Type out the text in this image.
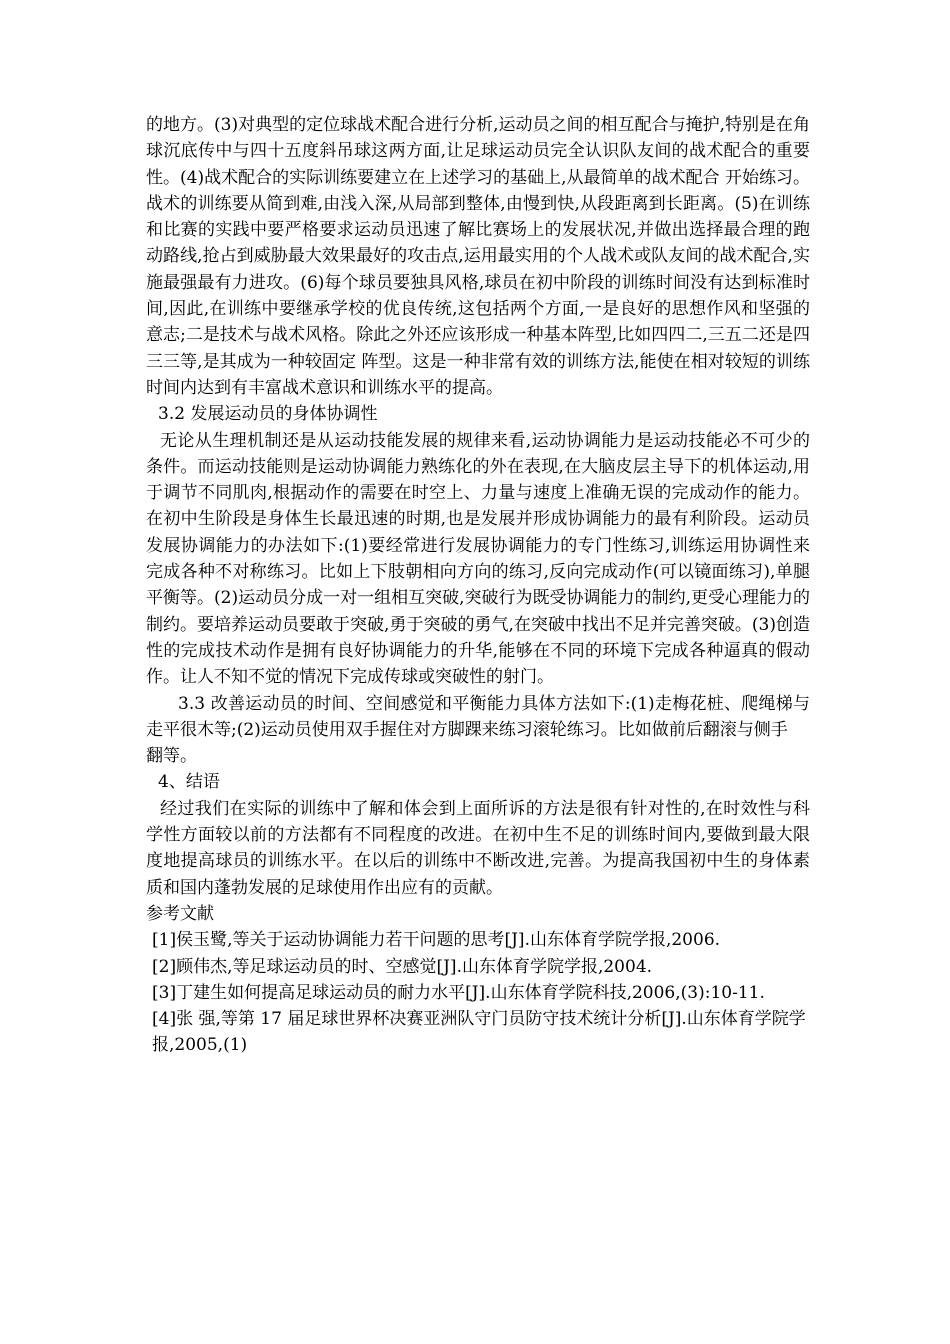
的地方。(3)对典型的定位球战术配合进行分析,运动员之间的相互配合与掩护,特别是在角球沉底传中与四十五度斜吊球这两方面,让足球运动员完全认识队友间的战术配合的重要性。(4)战术配合的实际训练要建立在上述学习的基础上,从最简单的战术配合 开始练习。战术的训练要从简到难,由浅入深,从局部到整体,由慢到快,从段距离到长距离。(5)在训练和比赛的实践中要严格要求运动员迅速了解比赛场上的发展状况,并做出选择最合理的跑动路线,抢占到威胁最大效果最好的攻击点,运用最实用的个人战术或队友间的战术配合,实施最强最有力进攻。(6)每个球员要独具风格,球员在初中阶段的训练时间没有达到标准时间,因此,在训练中要继承学校的优良传统,这包括两个方面,一是良好的思想作风和坚强的意志;二是技术与战术风格。除此之外还应该形成一种基本阵型,比如四四二,三五二还是四三三等,是其成为一种较固定 阵型。这是一种非常有效的训练方法,能使在相对较短的训练时间内达到有丰富战术意识和训练水平的提高。

3.2 发展运动员的身体协调性

无论从生理机制还是从运动技能发展的规律来看,运动协调能力是运动技能必不可少的条件。而运动技能则是运动协调能力熟练化的外在表现,在大脑皮层主导下的机体运动,用于调节不同肌肉,根据动作的需要在时空上、力量与速度上准确无误的完成动作的能力。在初中生阶段是身体生长最迅速的时期,也是发展并形成协调能力的最有利阶段。运动员发展协调能力的办法如下:(1)要经常进行发展协调能力的专门性练习,训练运用协调性来完成各种不对称练习。比如上下肢朝相向方向的练习,反向完成动作(可以镜面练习),单腿平衡等。(2)运动员分成一对一组相互突破,突破行为既受协调能力的制约,更受心理能力的制约。要培养运动员要敢于突破,勇于突破的勇气,在突破中找出不足并完善突破。(3)创造性的完成技术动作是拥有良好协调能力的升华,能够在不同的环境下完成各种逼真的假动作。让人不知不觉的情况下完成传球或突破性的射门。

3.3 改善运动员的时间、空间感觉和平衡能力具体方法如下:(1)走梅花桩、爬绳梯与走平很木等;(2)运动员使用双手握住对方脚踝来练习滚轮练习。比如做前后翻滚与侧手

翻等。

4、结语

经过我们在实际的训练中了解和体会到上面所诉的方法是很有针对性的,在时效性与科学性方面较以前的方法都有不同程度的改进。在初中生不足的训练时间内,要做到最大限度地提高球员的训练水平。在以后的训练中不断改进,完善。为提高我国初中生的身体素质和国内蓬勃发展的足球使用作出应有的贡献。

参考文献

[1]侯玉鹭,等关于运动协调能力若干问题的思考[J].山东体育学院学报,2006.
[2]顾伟杰,等足球运动员的时、空感觉[J].山东体育学院学报,2004.
[3]丁建生如何提高足球运动员的耐力水平[J].山东体育学院科技,2006,(3):10-11.
[4]张 强,等第 17 届足球世界杯决赛亚洲队守门员防守技术统计分析[J].山东体育学院学报,2005,(1)
